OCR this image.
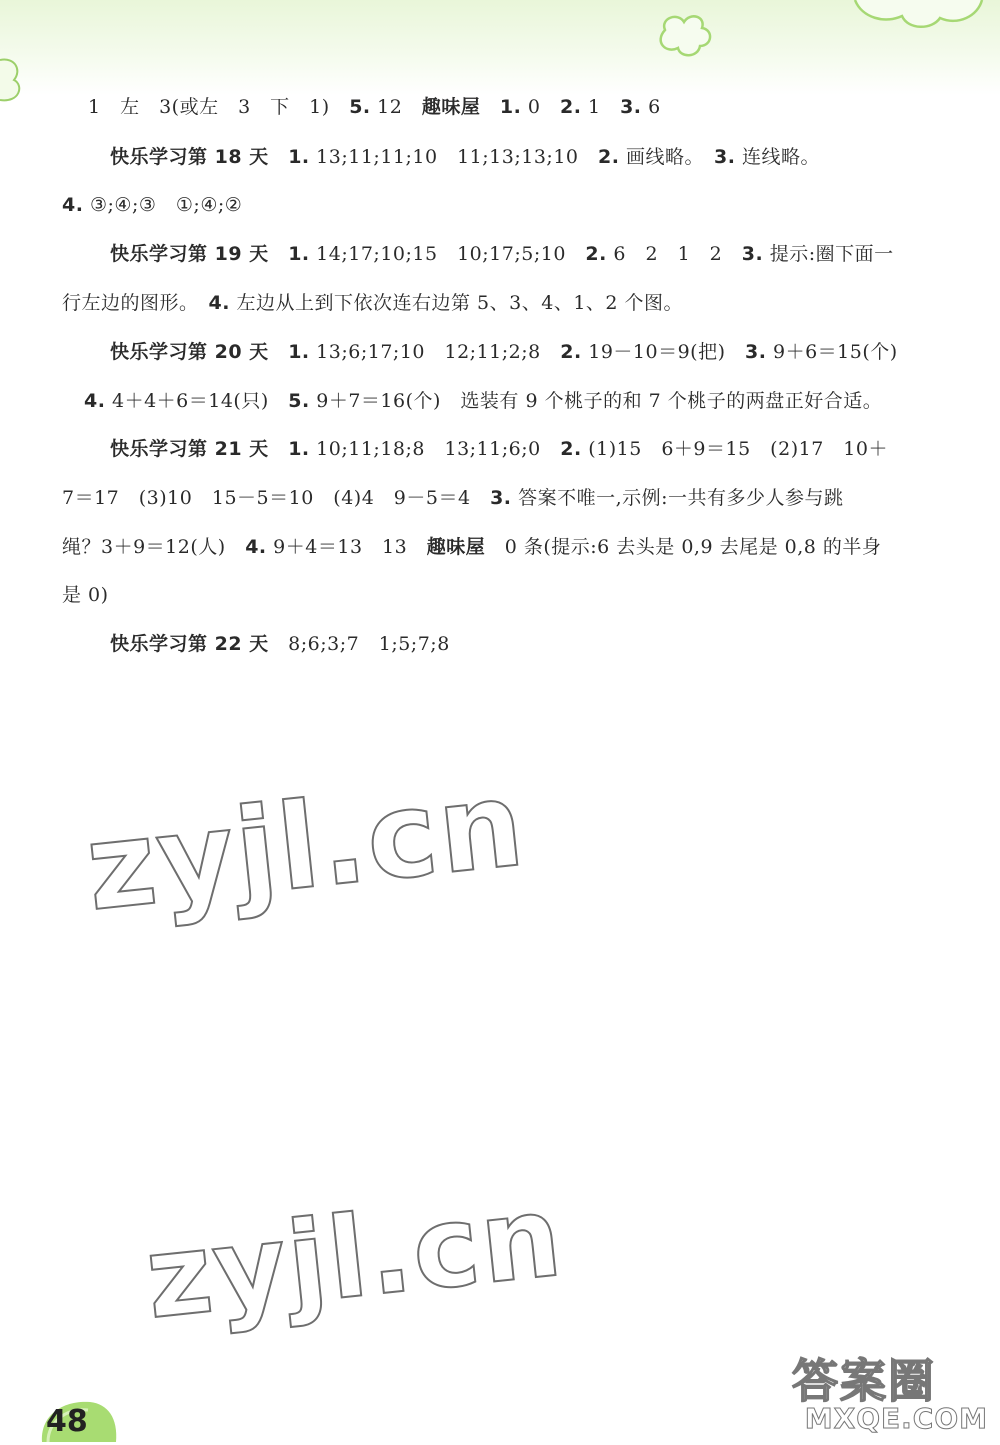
1　左　3(或左　3　下　1)　5. 12　趣味屋　 1. 0　2. 1　3. 6
快乐学习第 18 天　 1. 13;11;11;10　11;13;13;10　2. 画线略。　3. 连线略。
4. ③;④;③　①;④;②
快乐学习第 19 天　 1. 14;17;10;15　10;17;5;10　2. 6　2　1　2　3. 提示:圈下面一
行左边的图形。　4. 左边从上到下依次连右边第 5、3、4、1、2 个图。
快乐学习第 20 天　 1. 13;6;17;10　12;11;2;8　2. 19－10＝9(把)　3. 9＋6＝15(个)
4. 4＋4＋6＝14(只)　5. 9＋7＝16(个)　选装有 9 个桃子的和 7 个桃子的两盘正好合适。
快乐学习第 21 天　 1. 10;11;18;8　13;11;6;0　2. (1)15　6＋9＝15　(2)17　10＋
7＝17　(3)10　15－5＝10　(4)4　9－5＝4　3. 答案不唯一,示例:一共有多少人参与跳
绳？3＋9＝12(人)　4. 9＋4＝13　13　趣味屋　0 条(提示:6 去头是 0,9 去尾是 0,8 的半身
是 0)
快乐学习第 22 天　8;6;3;7　1;5;7;8
zyjl.cn
zyjl.cn
答案圈
MXQE.COM
48
